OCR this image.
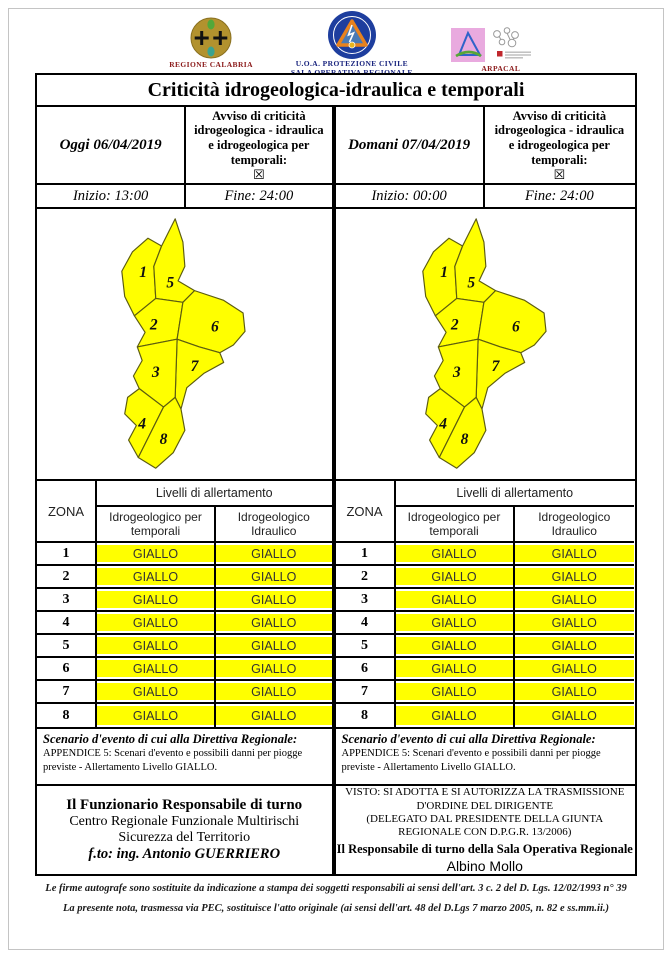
REGIONE CALABRIA	U.O.A. PROTEZIONE CIVILE
ARPACAL
Criticità idrogeologica-idraulica e temporali
Oggi 06/04/2019
Avviso di criticità idrogeologica - idraulica e idrogeologica per temporali:
☒
Domani 07/04/2019
Avviso di criticità idrogeologica - idraulica e idrogeologica per temporali:
☒
Inizio: 13:00	Fine: 24:00	Inizio: 00:00	Fine: 24:00
1
5
2	6
7
3
4
8
1
5
2	6
7
3
4
8
ZONA
Livelli di allertamento
Idrogeologico per temporali
Idrogeologico Idraulico
1	GIALLO	GIALLO
2	GIALLO	GIALLO
3	GIALLO	GIALLO
4	GIALLO	GIALLO
5	GIALLO	GIALLO
6	GIALLO	GIALLO
7	GIALLO	GIALLO
8	GIALLO	GIALLO
ZONA
Livelli di allertamento
Idrogeologico per temporali
Idrogeologico Idraulico
1	GIALLO	GIALLO
2	GIALLO	GIALLO
3	GIALLO	GIALLO
4	GIALLO	GIALLO
5	GIALLO	GIALLO
6	GIALLO	GIALLO
7	GIALLO	GIALLO
8	GIALLO	GIALLO
Scenario d'evento di cui alla Direttiva Regionale:
APPENDICE 5: Scenari d'evento e possibili danni per piogge previste - Allertamento Livello GIALLO.
Scenario d'evento di cui alla Direttiva Regionale:
APPENDICE 5: Scenari d'evento e possibili danni per piogge previste - Allertamento Livello GIALLO.
Il Funzionario Responsabile di turno
Centro Regionale Funzionale Multirischi
Sicurezza del Territorio
f.to: ing. Antonio GUERRIERO
VISTO: SI ADOTTA E SI AUTORIZZA LA TRASMISSIONE
D'ORDINE DEL DIRIGENTE
(DELEGATO DAL PRESIDENTE DELLA GIUNTA
REGIONALE CON D.P.G.R. 13/2006)
Il Responsabile di turno della Sala Operativa Regionale
Albino Mollo
Le firme autografe sono sostituite da indicazione a stampa dei soggetti responsabili ai sensi dell'art. 3 c. 2 del D. Lgs. 12/02/1993 n° 39
La presente nota, trasmessa via PEC, sostituisce l'atto originale (ai sensi dell'art. 48 del D.Lgs 7 marzo 2005, n. 82 e ss.mm.ii.)
